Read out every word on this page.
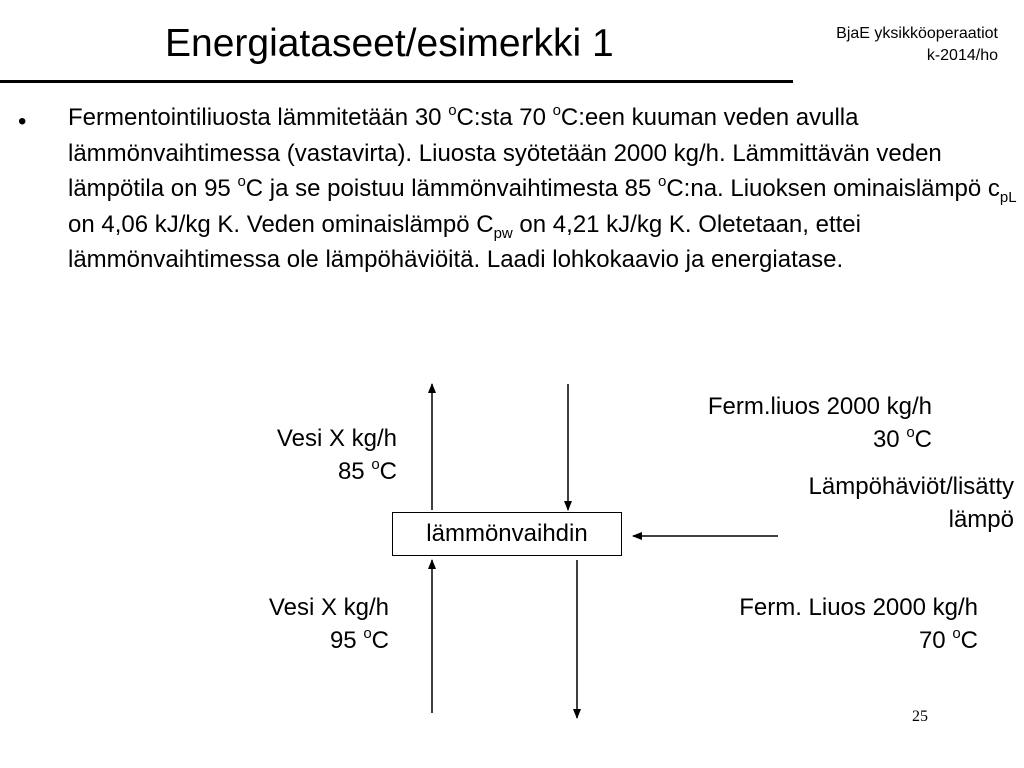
Energiataseet/esimerkki 1	BjaE yksikköoperaatiot
k-2014/ho
• Fermentointiliuosta lämmitetään 30 $^o$C:sta 70 $^o$C:een kuuman veden avulla lämmönvaihtimessa (vastavirta). Liuosta syötetään 2000 kg/h. Lämmittävän veden lämpötila on 95 $^o$C ja se poistuu lämmönvaihtimesta 85 $^o$C:na. Liuoksen ominaislämpö $c_{pL}$ on 4,06 kJ/kg K. Veden ominaislämpö $C_{pw}$ on 4,21 kJ/kg K. Oletetaan, ettei lämmönvaihtimessa ole lämpöhäviöitä. Laadi lohkokaavio ja energiatase.
lämmönvaihdin
Vesi X kg/h
85 $^o$C
Vesi X kg/h
95 $^o$C
Ferm.liuos 2000 kg/h
30 $^o$C
Lämpöhäviöt/lisätty
lämpö
Ferm. Liuos 2000 kg/h
70 $^o$C
25
